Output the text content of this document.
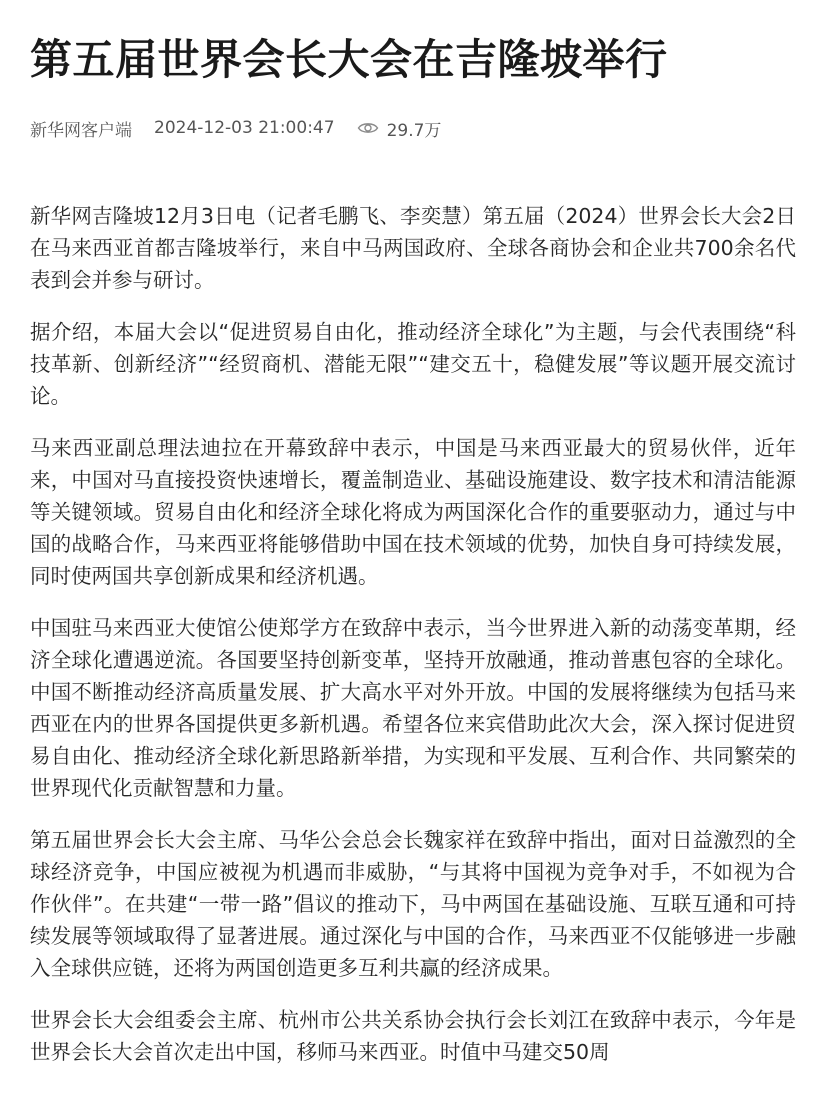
第五届世界会长大会在吉隆坡举行
新华网客户端 2024-12-03 21:00:47	29.7万

新华网吉隆坡12月3日电（记者毛鹏飞、李奕慧）第五届（2024）世界会长大会2日在马来西亚首都吉隆坡举行，来自中马两国政府、全球各商协会和企业共700余名代表到会并参与研讨。

据介绍，本届大会以“促进贸易自由化，推动经济全球化”为主题，与会代表围绕“科技革新、创新经济”“经贸商机、潜能无限”“建交五十，稳健发展”等议题开展交流讨论。

马来西亚副总理法迪拉在开幕致辞中表示，中国是马来西亚最大的贸易伙伴，近年来，中国对马直接投资快速增长，覆盖制造业、基础设施建设、数字技术和清洁能源等关键领域。贸易自由化和经济全球化将成为两国深化合作的重要驱动力，通过与中国的战略合作，马来西亚将能够借助中国在技术领域的优势，加快自身可持续发展，同时使两国共享创新成果和经济机遇。

中国驻马来西亚大使馆公使郑学方在致辞中表示，当今世界进入新的动荡变革期，经济全球化遭遇逆流。各国要坚持创新变革，坚持开放融通，推动普惠包容的全球化。中国不断推动经济高质量发展、扩大高水平对外开放。中国的发展将继续为包括马来西亚在内的世界各国提供更多新机遇。希望各位来宾借助此次大会，深入探讨促进贸易自由化、推动经济全球化新思路新举措，为实现和平发展、互利合作、共同繁荣的世界现代化贡献智慧和力量。

第五届世界会长大会主席、马华公会总会长魏家祥在致辞中指出，面对日益激烈的全球经济竞争，中国应被视为机遇而非威胁，“与其将中国视为竞争对手，不如视为合作伙伴”。在共建“一带一路”倡议的推动下，马中两国在基础设施、互联互通和可持续发展等领域取得了显著进展。通过深化与中国的合作，马来西亚不仅能够进一步融入全球供应链，还将为两国创造更多互利共赢的经济成果。

世界会长大会组委会主席、杭州市公共关系协会执行会长刘江在致辞中表示，今年是世界会长大会首次走出中国，移师马来西亚。时值中马建交50周
